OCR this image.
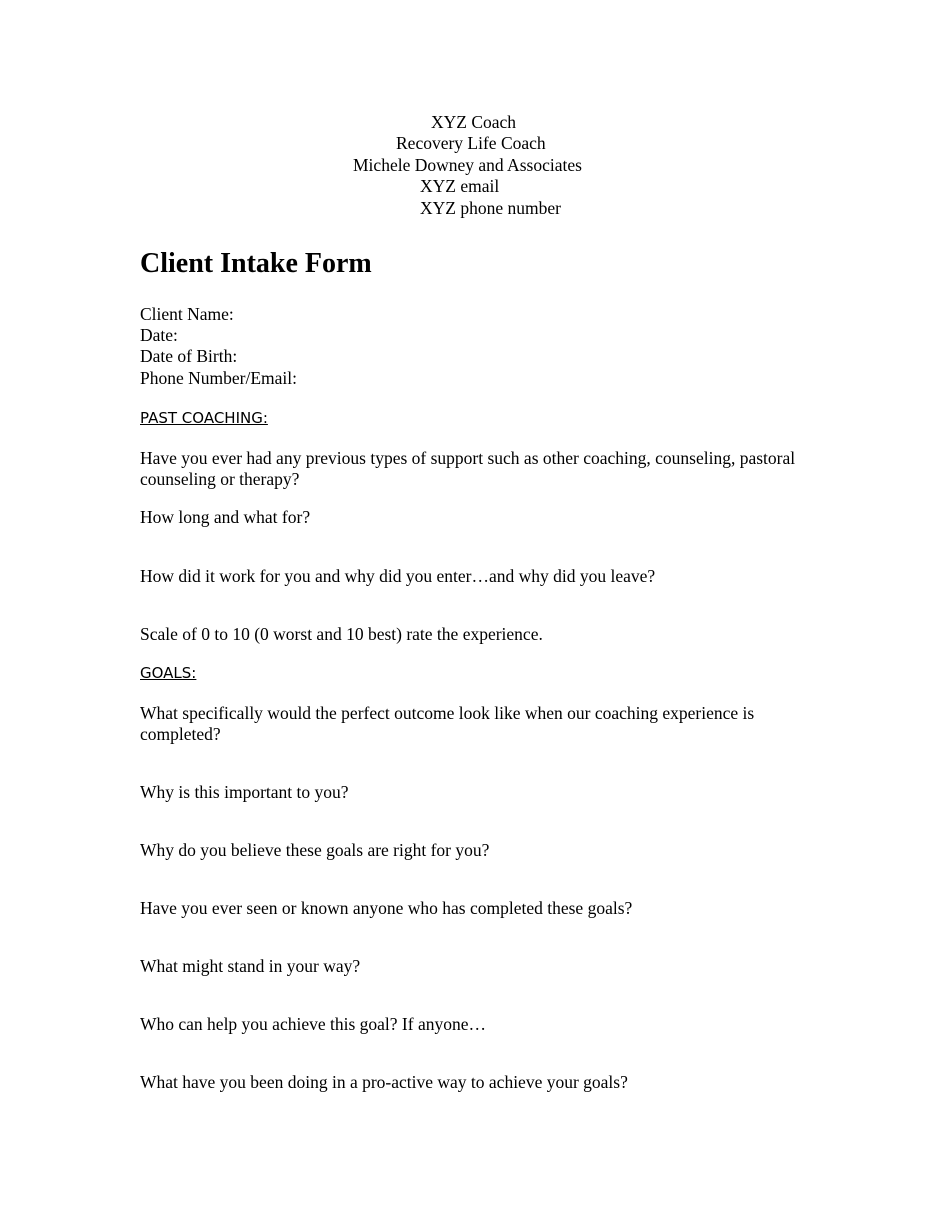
XYZ Coach
Recovery Life Coach
Michele Downey and Associates
XYZ email
XYZ phone number
Client Intake Form
Client Name:
Date:
Date of Birth:
Phone Number/Email:
PAST COACHING:
Have you ever had any previous types of support such as other coaching, counseling, pastoral counseling or therapy?
How long and what for?
How did it work for you and why did you enter…and why did you leave?
Scale of 0 to 10 (0 worst and 10 best) rate the experience.
GOALS:
What specifically would the perfect outcome look like when our coaching experience is completed?
Why is this important to you?
Why do you believe these goals are right for you?
Have you ever seen or known anyone who has completed these goals?
What might stand in your way?
Who can help you achieve this goal? If anyone…
What have you been doing in a pro-active way to achieve your goals?
